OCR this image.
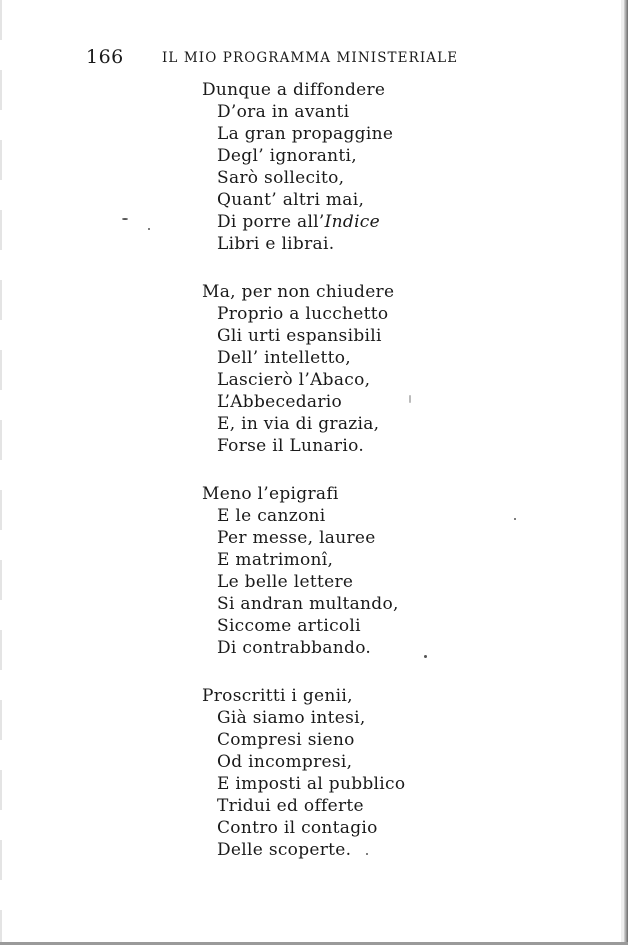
166	IL MIO PROGRAMMA MINISTERIALE
Dunque a diffondere
D’ora in avanti
La gran propaggine
Degl’ ignoranti,
Sarò sollecito,
Quant’ altri mai,
Di porre all’Indice
Libri e librai.
Ma, per non chiudere
Proprio a lucchetto
Gli urti espansibili
Dell’ intelletto,
Lascierò l’Abaco,
L’Abbecedario
E, in via di grazia,
Forse il Lunario.
Meno l’epigrafi
E le canzoni
Per messe, lauree
E matrimonî,
Le belle lettere
Si andran multando,
Siccome articoli
Di contrabbando.
Proscritti i genii,
Già siamo intesi,
Compresi sieno
Od incompresi,
E imposti al pubblico
Tridui ed offerte
Contro il contagio
Delle scoperte.
